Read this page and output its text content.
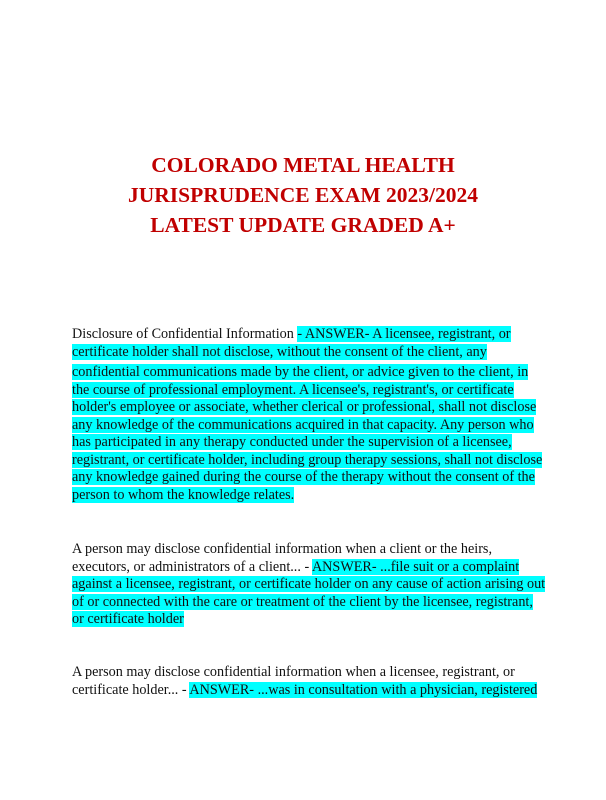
COLORADO METAL HEALTH
JURISPRUDENCE EXAM 2023/2024
LATEST UPDATE GRADED A+
Disclosure of Confidential Information - ANSWER- A licensee, registrant, or
certificate holder shall not disclose, without the consent of the client, any
confidential communications made by the client, or advice given to the client, in
the course of professional employment. A licensee's, registrant's, or certificate
holder's employee or associate, whether clerical or professional, shall not disclose
any knowledge of the communications acquired in that capacity. Any person who
has participated in any therapy conducted under the supervision of a licensee,
registrant, or certificate holder, including group therapy sessions, shall not disclose
any knowledge gained during the course of the therapy without the consent of the
person to whom the knowledge relates.
A person may disclose confidential information when a client or the heirs,
executors, or administrators of a client... - ANSWER- ...file suit or a complaint
against a licensee, registrant, or certificate holder on any cause of action arising out
of or connected with the care or treatment of the client by the licensee, registrant,
or certificate holder
A person may disclose confidential information when a licensee, registrant, or
certificate holder... - ANSWER- ...was in consultation with a physician, registered
